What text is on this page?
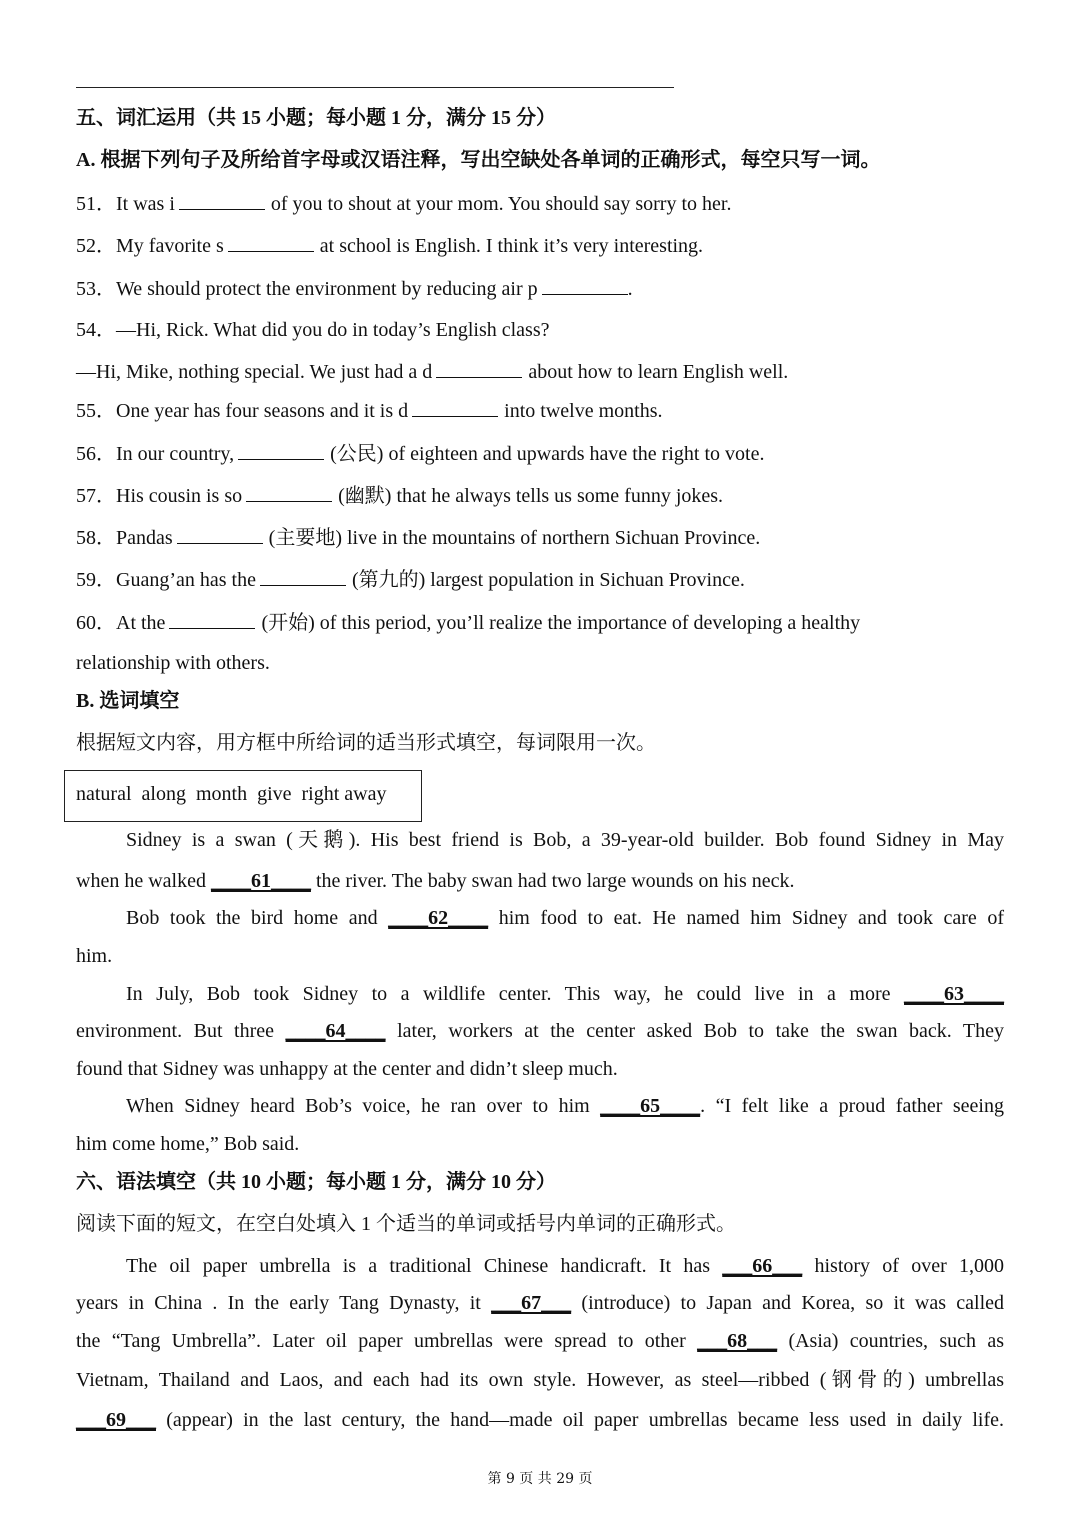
五、词汇运用（共 15 小题；每小题 1 分，满分 15 分）
A. 根据下列句子及所给首字母或汉语注释，写出空缺处各单词的正确形式，每空只写一词。
51．It was i	of you to shout at your mom. You should say sorry to her.
52．My favorite s	at school is English. I think it’s very interesting.
53．We should protect the environment by reducing air p	.
54．—Hi, Rick. What did you do in today’s English class?
—Hi, Mike, nothing special. We just had a d	about how to learn English well.
55．One year has four seasons and it is d	into twelve months.
56．In our country,	(公民) of eighteen and upwards have the right to vote.
57．His cousin is so	(幽默) that he always tells us some funny jokes.
58．Pandas	(主要地) live in the mountains of northern Sichuan Province.
59．Guang’an has the	(第九的) largest population in Sichuan Province.
60．At the	(开始) of this period, you’ll realize the importance of developing a healthy
relationship with others.
B. 选词填空
根据短文内容，用方框中所给词的适当形式填空，每词限用一次。
natural  along  month  give  right away
Sidney is a swan (天鹅). His best friend is Bob, a 39-year-old builder. Bob found Sidney in May
when he walked ____61____ the river. The baby swan had two large wounds on his neck.
Bob took the bird home and ____62____ him food to eat. He named him Sidney and took care of
him.
In July, Bob took Sidney to a wildlife center. This way, he could live in a more ____63____
environment. But three ____64____ later, workers at the center asked Bob to take the swan back. They
found that Sidney was unhappy at the center and didn’t sleep much.
When Sidney heard Bob’s voice, he ran over to him ____65____. “I felt like a proud father seeing
him come home,” Bob said.
六、语法填空（共 10 小题；每小题 1 分，满分 10 分）
阅读下面的短文，在空白处填入 1 个适当的单词或括号内单词的正确形式。
The oil paper umbrella is a traditional Chinese handicraft. It has ___66___ history of over 1,000
years in China . In the early Tang Dynasty, it ___67___ (introduce) to Japan and Korea, so it was called
the “Tang Umbrella”. Later oil paper umbrellas were spread to other ___68___ (Asia) countries, such as
Vietnam, Thailand and Laos, and each had its own style. However, as steel—ribbed (钢骨的) umbrellas
___69___ (appear) in the last century, the hand—made oil paper umbrellas became less used in daily life.
第 9 页 共 29 页
